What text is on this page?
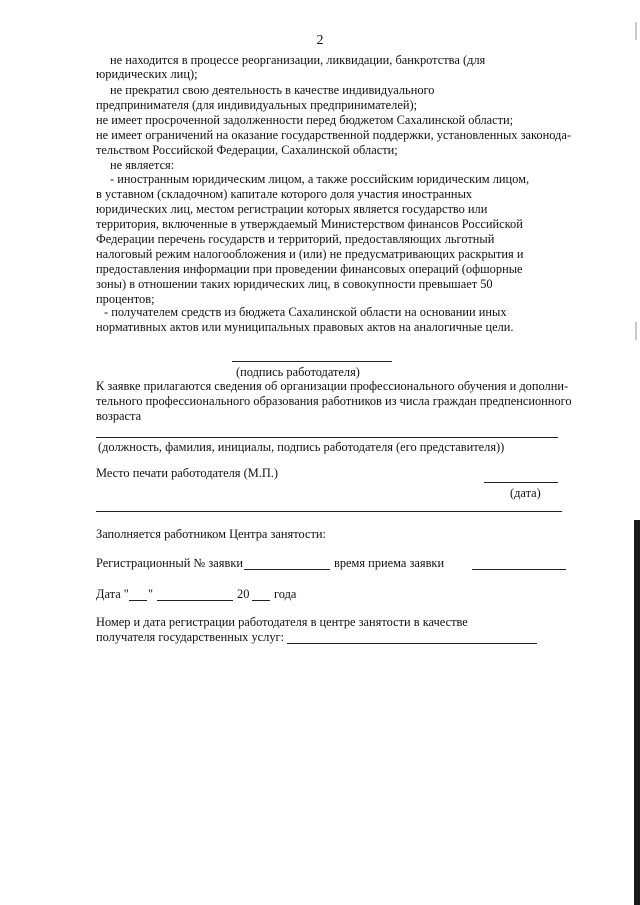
2
не находится в процессе реорганизации, ликвидации, банкротства (для
юридических лиц);
не прекратил свою деятельность в качестве индивидуального
предпринимателя (для индивидуальных предпринимателей);
не имеет просроченной задолженности перед бюджетом Сахалинской области;
не имеет ограничений на оказание государственной поддержки, установленных законода-
тельством Российской Федерации, Сахалинской области;
не является:
- иностранным юридическим лицом, а также российским юридическим лицом,
в уставном (складочном) капитале которого доля участия иностранных
юридических лиц, местом регистрации которых является государство или
территория, включенные в утверждаемый Министерством финансов Российской
Федерации перечень государств и территорий, предоставляющих льготный
налоговый режим налогообложения и (или) не предусматривающих раскрытия и
предоставления информации при проведении финансовых операций (офшорные
зоны) в отношении таких юридических лиц, в совокупности превышает 50
процентов;
- получателем средств из бюджета Сахалинской области на основании иных
нормативных актов или муниципальных правовых актов на аналогичные цели.
(подпись работодателя)
К заявке прилагаются сведения об организации профессионального обучения и дополни-
тельного профессионального образования работников из числа граждан предпенсионного
возраста
(должность, фамилия, инициалы, подпись работодателя (его представителя))
Место печати работодателя (М.П.)
(дата)
Заполняется работником Центра занятости:
Регистрационный № заявки	время приема заявки
Дата " "	20 года
Номер и дата регистрации работодателя в центре занятости в качестве
получателя государственных услуг:
